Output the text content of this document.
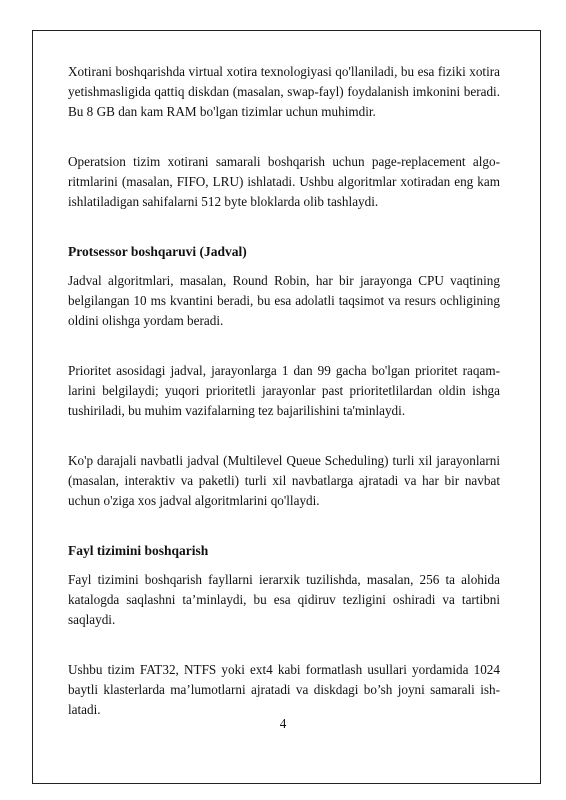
Xotirani boshqarishda virtual xotira texnologiyasi qo'llaniladi, bu esa fiziki xotira yetishmasligida qattiq diskdan (masalan, swap-fayl) foydalanish imkonini beradi. Bu 8 GB dan kam RAM bo'lgan tizimlar uchun muhimdir.

Operatsion tizim xotirani samarali boshqarish uchun page-replacement algoritmlarini (masalan, FIFO, LRU) ishlatadi. Ushbu algoritmlar xotiradan eng kam ishlatiladigan sahifalarni 512 byte bloklarda olib tashlaydi.

Protsessor boshqaruvi (Jadval)

Jadval algoritmlari, masalan, Round Robin, har bir jarayonga CPU vaqtining belgilangan 10 ms kvantini beradi, bu esa adolatli taqsimot va resurs ochligining oldini olishga yordam beradi.

Prioritet asosidagi jadval, jarayonlarga 1 dan 99 gacha bo'lgan prioritet raqamlarini belgilaydi; yuqori prioritetli jarayonlar past prioritetlilardan oldin ishga tushiriladi, bu muhim vazifalarning tez bajarilishini ta'minlaydi.

Ko'p darajali navbatli jadval (Multilevel Queue Scheduling) turli xil jarayonlarni (masalan, interaktiv va paketli) turli xil navbatlarga ajratadi va har bir navbat uchun o'ziga xos jadval algoritmlarini qo'llaydi.

Fayl tizimini boshqarish

Fayl tizimini boshqarish fayllarni ierarxik tuzilishda, masalan, 256 ta alohida katalogda saqlashni ta’minlaydi, bu esa qidiruv tezligini oshiradi va tartibni saqlaydi.

Ushbu tizim FAT32, NTFS yoki ext4 kabi formatlash usullari yordamida 1024 baytli klasterlarda ma’lumotlarni ajratadi va diskdagi bo’sh joyni samarali ishlatadi.

4
